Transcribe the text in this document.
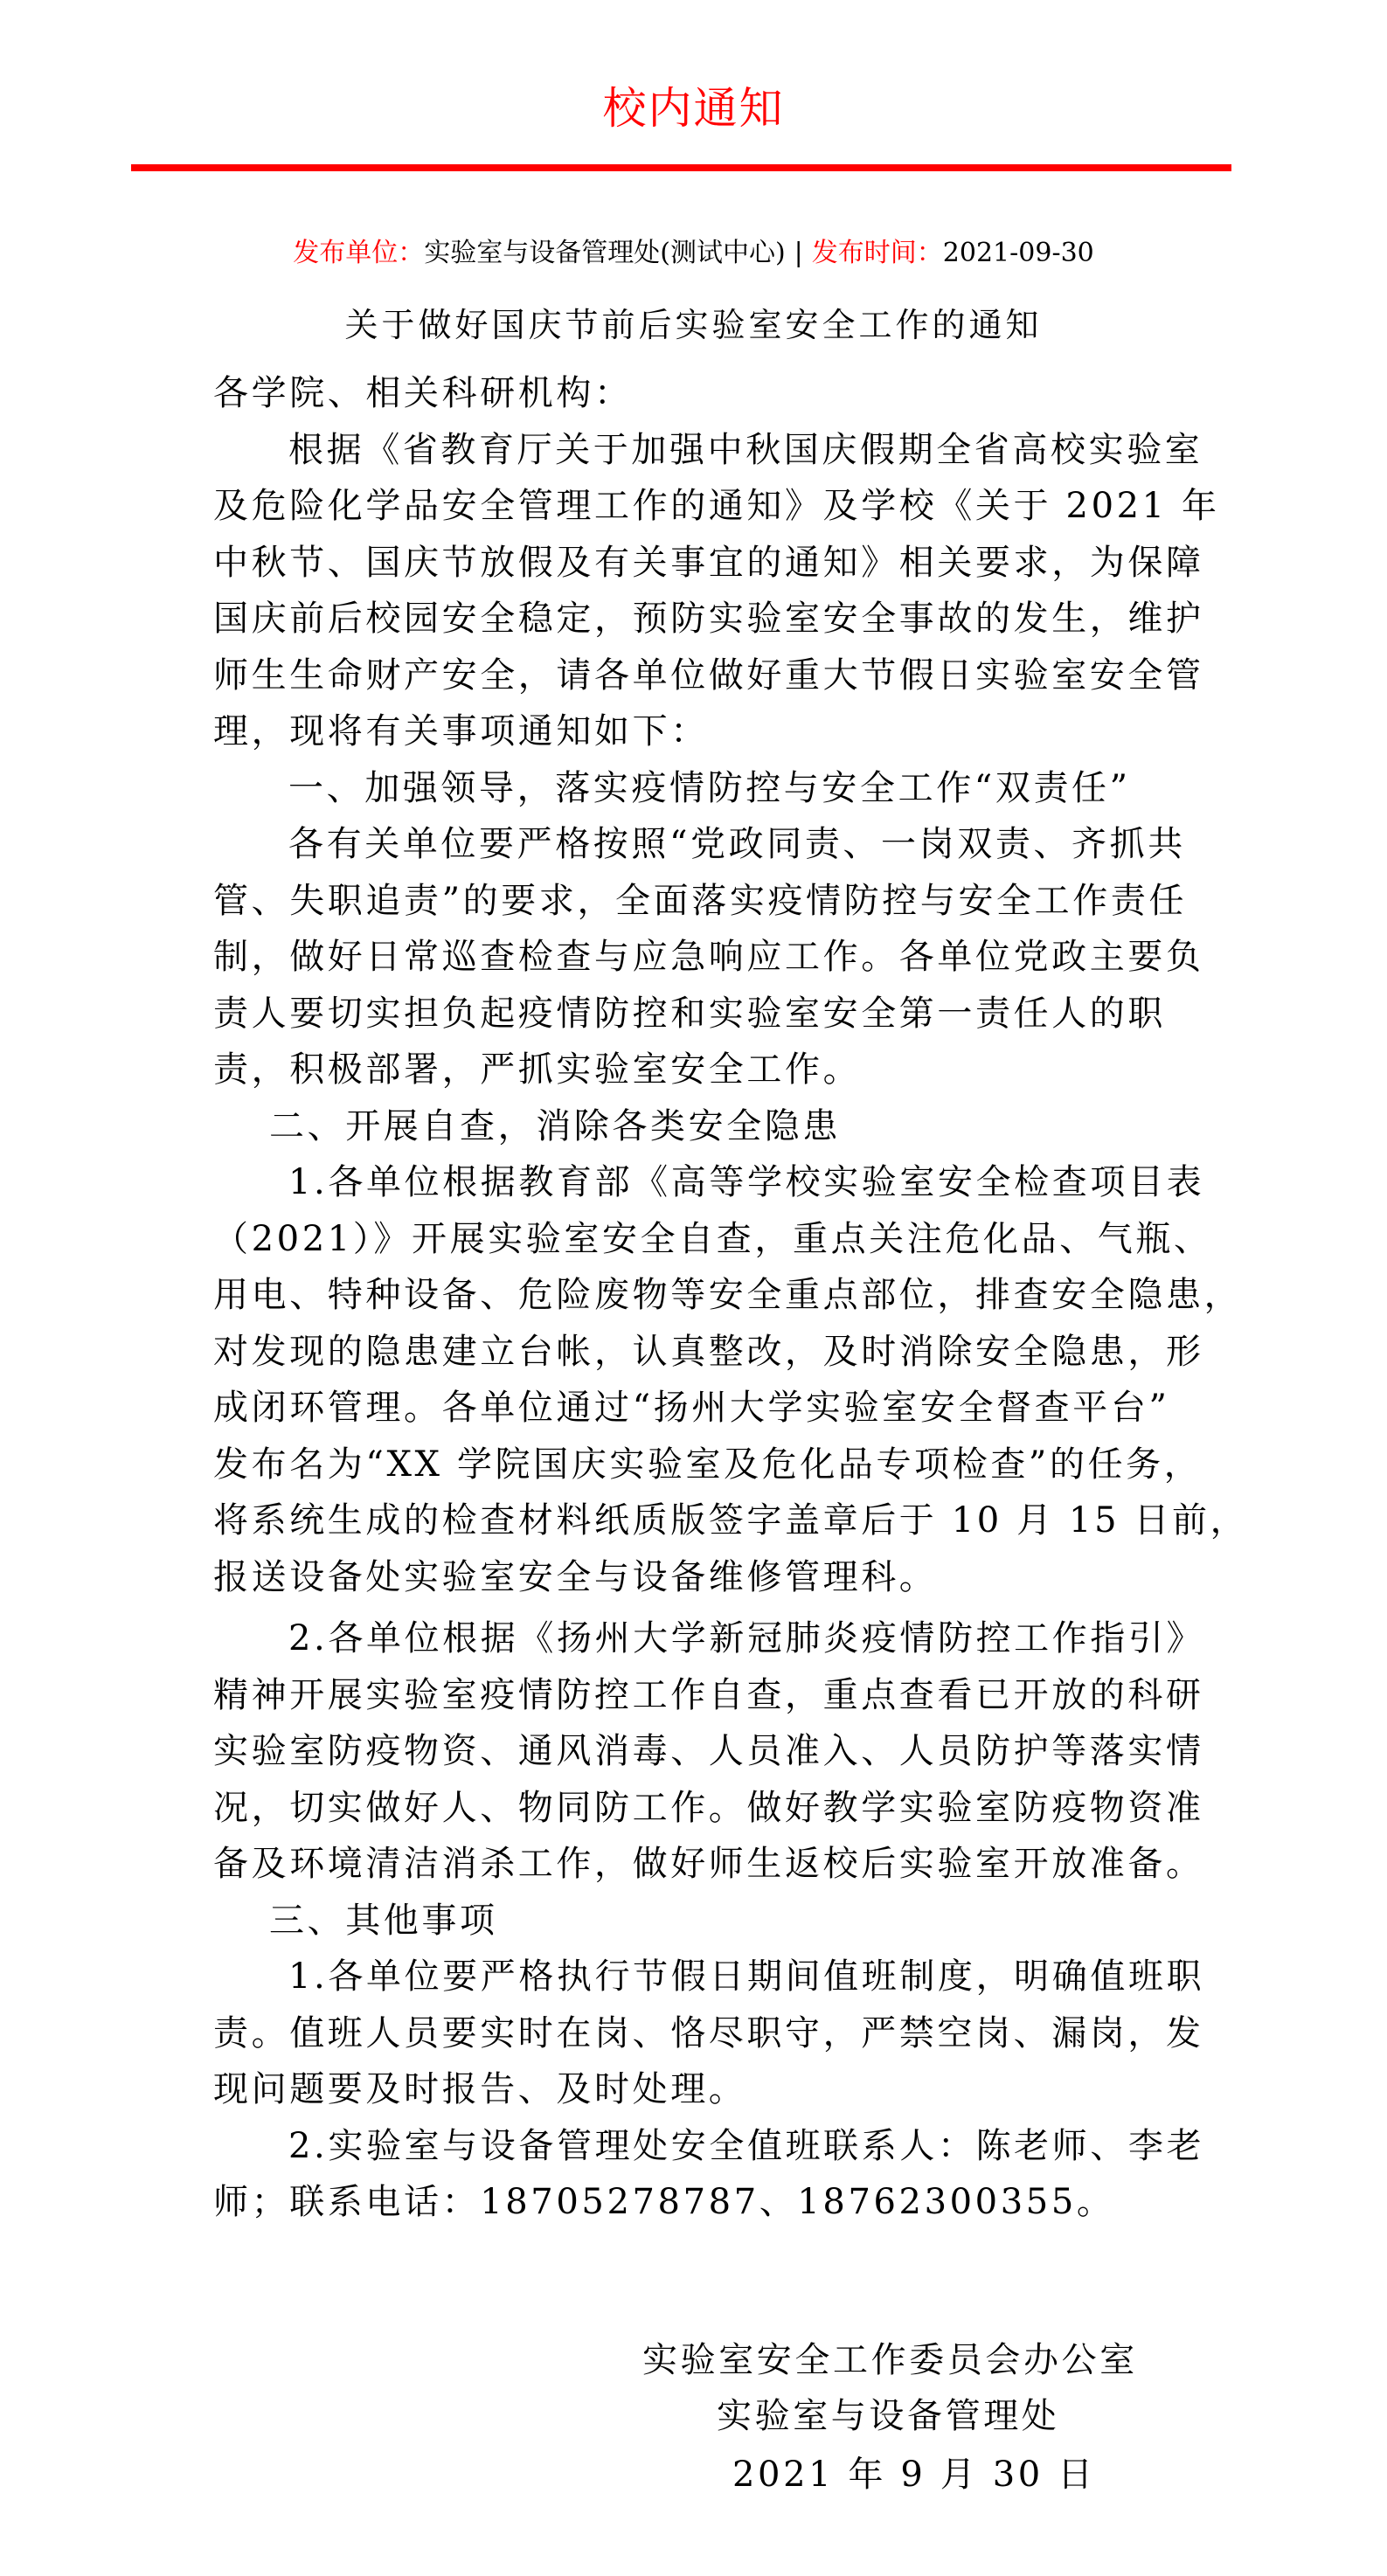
校内通知
发布单位：实验室与设备管理处(测试中心) | 发布时间：2021-09-30
关于做好国庆节前后实验室安全工作的通知
各学院、相关科研机构：
根据《省教育厅关于加强中秋国庆假期全省高校实验室
及危险化学品安全管理工作的通知》及学校《关于 2021 年
中秋节、国庆节放假及有关事宜的通知》相关要求，为保障
国庆前后校园安全稳定，预防实验室安全事故的发生，维护
师生生命财产安全，请各单位做好重大节假日实验室安全管
理，现将有关事项通知如下：
一、加强领导，落实疫情防控与安全工作“双责任”
各有关单位要严格按照“党政同责、一岗双责、齐抓共
管、失职追责”的要求，全面落实疫情防控与安全工作责任
制，做好日常巡查检查与应急响应工作。各单位党政主要负
责人要切实担负起疫情防控和实验室安全第一责任人的职
责，积极部署，严抓实验室安全工作。
二、开展自查，消除各类安全隐患
1.各单位根据教育部《高等学校实验室安全检查项目表
（2021）》开展实验室安全自查，重点关注危化品、气瓶、
用电、特种设备、危险废物等安全重点部位，排查安全隐患，
对发现的隐患建立台帐，认真整改，及时消除安全隐患，形
成闭环管理。各单位通过“扬州大学实验室安全督查平台”
发布名为“XX 学院国庆实验室及危化品专项检查”的任务，
将系统生成的检查材料纸质版签字盖章后于 10 月 15 日前，
报送设备处实验室安全与设备维修管理科。
2.各单位根据《扬州大学新冠肺炎疫情防控工作指引》
精神开展实验室疫情防控工作自查，重点查看已开放的科研
实验室防疫物资、通风消毒、人员准入、人员防护等落实情
况，切实做好人、物同防工作。做好教学实验室防疫物资准
备及环境清洁消杀工作，做好师生返校后实验室开放准备。
三、其他事项
1.各单位要严格执行节假日期间值班制度，明确值班职
责。值班人员要实时在岗、恪尽职守，严禁空岗、漏岗，发
现问题要及时报告、及时处理。
2.实验室与设备管理处安全值班联系人：陈老师、李老
师；联系电话：18705278787、18762300355。
实验室安全工作委员会办公室
实验室与设备管理处
2021 年 9 月 30 日
